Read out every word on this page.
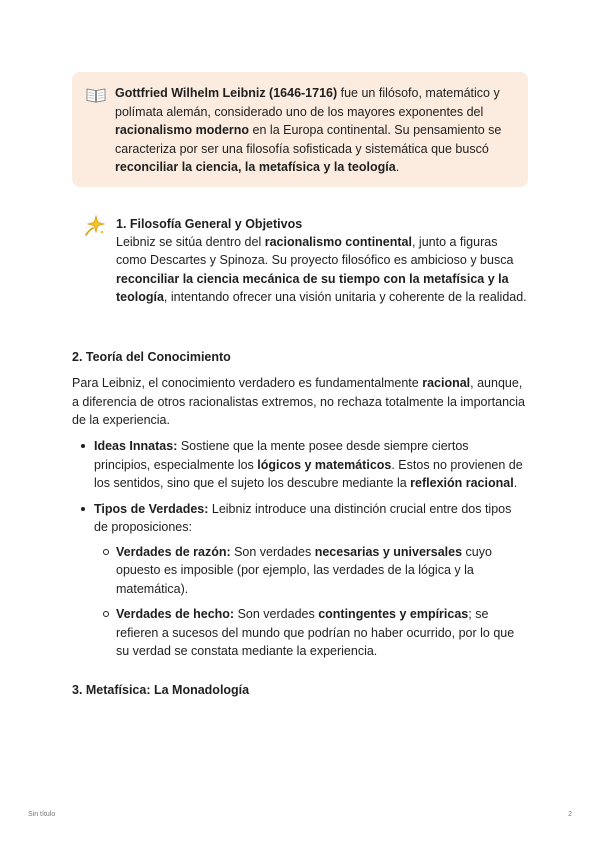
Gottfried Wilhelm Leibniz (1646-1716) fue un filósofo, matemático y polímata alemán, considerado uno de los mayores exponentes del racionalismo moderno en la Europa continental. Su pensamiento se caracteriza por ser una filosofía sofisticada y sistemática que buscó reconciliar la ciencia, la metafísica y la teología.
1. Filosofía General y Objetivos
Leibniz se sitúa dentro del racionalismo continental, junto a figuras como Descartes y Spinoza. Su proyecto filosófico es ambicioso y busca reconciliar la ciencia mecánica de su tiempo con la metafísica y la teología, intentando ofrecer una visión unitaria y coherente de la realidad.
2. Teoría del Conocimiento
Para Leibniz, el conocimiento verdadero es fundamentalmente racional, aunque, a diferencia de otros racionalistas extremos, no rechaza totalmente la importancia de la experiencia.
Ideas Innatas: Sostiene que la mente posee desde siempre ciertos principios, especialmente los lógicos y matemáticos. Estos no provienen de los sentidos, sino que el sujeto los descubre mediante la reflexión racional.
Tipos de Verdades: Leibniz introduce una distinción crucial entre dos tipos de proposiciones:
Verdades de razón: Son verdades necesarias y universales cuyo opuesto es imposible (por ejemplo, las verdades de la lógica y la matemática).
Verdades de hecho: Son verdades contingentes y empíricas; se refieren a sucesos del mundo que podrían no haber ocurrido, por lo que su verdad se constata mediante la experiencia.
3. Metafísica: La Monadología
Sin título	2
